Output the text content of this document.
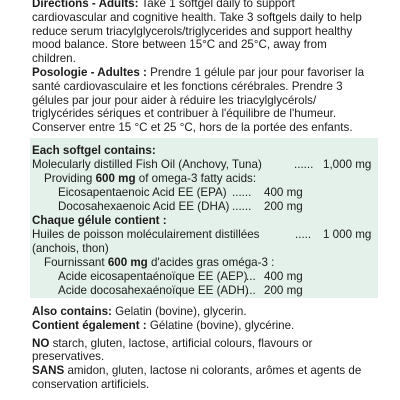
Directions - Adults: Take 1 softgel daily to support cardiovascular and cognitive health. Take 3 softgels daily to help reduce serum triacylglycerols/triglycerides and support healthy mood balance. Store between 15°C and 25°C, away from children.

Posologie - Adultes : Prendre 1 gélule par jour pour favoriser la santé cardiovasculaire et les fonctions cérébrales. Prendre 3 gélules par jour pour aider à réduire les triacylglycérols/ triglycérides sériques et contribuer à l'équilibre de l'humeur. Conserver entre 15 °C et 25 °C, hors de la portée des enfants.

Each softgel contains:
Molecularly distilled Fish Oil (Anchovy, Tuna)	...... 1,000 mg
Providing 600 mg of omega-3 fatty acids:
Eicosapentaenoic Acid EE (EPA) ...... 400 mg
Docosahexaenoic Acid EE (DHA) ...... 200 mg
Chaque gélule contient :
Huiles de poisson moléculairement distillées	..... 1 000 mg
(anchois, thon)
Fournissant 600 mg d'acides gras oméga-3 :
Acide eicosapentaénoïque EE (AEP)
... 400 mg
Acide docosahexaénoïque EE (ADH)
... 200 mg

Also contains: Gelatin (bovine), glycerin.

Contient également : Gélatine (bovine), glycérine.

NO starch, gluten, lactose, artificial colours, flavours or preservatives.

SANS amidon, gluten, lactose ni colorants, arômes et agents de conservation artificiels.
